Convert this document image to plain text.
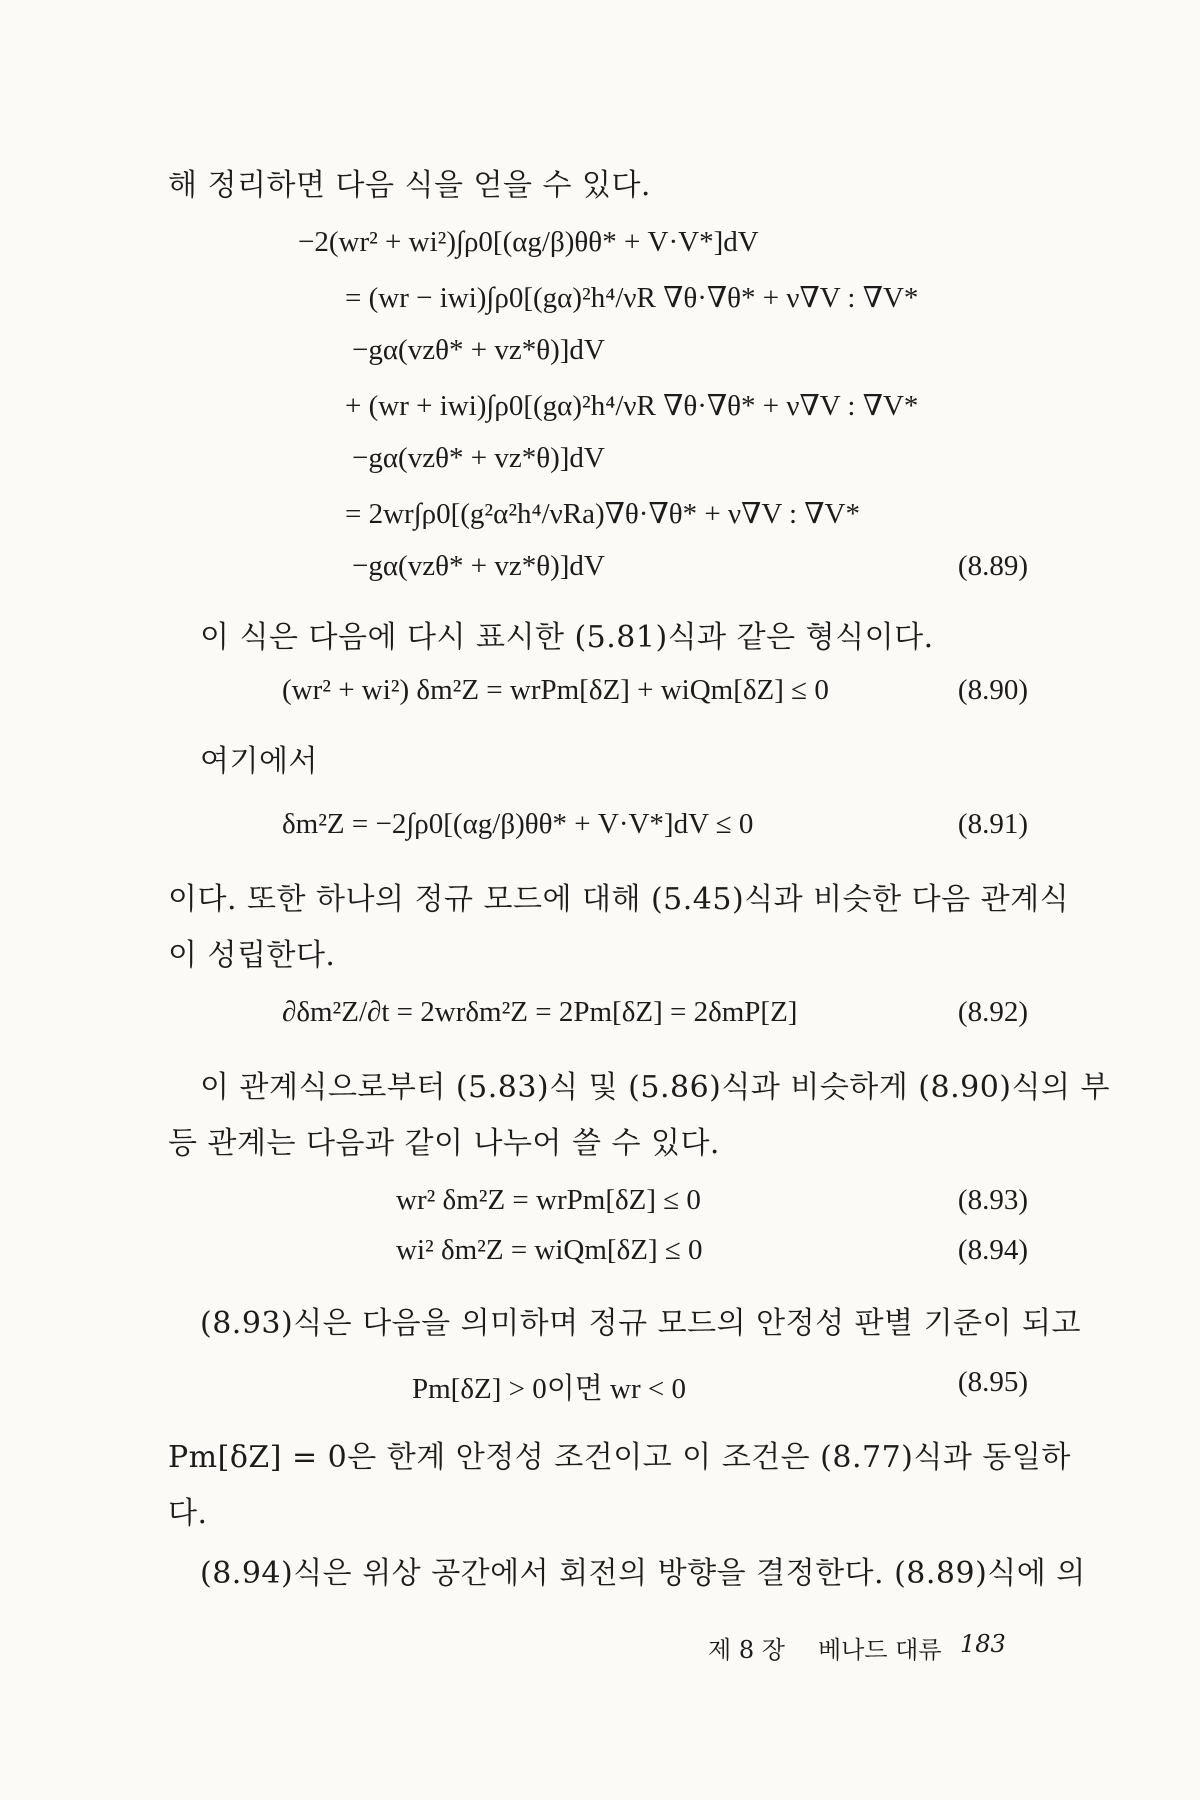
해 정리하면 다음 식을 얻을 수 있다.
−2(wr² + wi²)∫ρ0[(αg/β)θθ* + V·V*]dV
= (wr − iwi)∫ρ0[(gα)²h⁴/νR ∇θ·∇θ* + ν∇V : ∇V*
−gα(vzθ* + vz*θ)]dV
+ (wr + iwi)∫ρ0[(gα)²h⁴/νR ∇θ·∇θ* + ν∇V : ∇V*
−gα(vzθ* + vz*θ)]dV
= 2wr∫ρ0[(g²α²h⁴/νRa)∇θ·∇θ* + ν∇V : ∇V*
−gα(vzθ* + vz*θ)]dV	(8.89)
이 식은 다음에 다시 표시한 (5.81)식과 같은 형식이다.
(wr² + wi²) δm²Z = wrPm[δZ] + wiQm[δZ] ≤ 0	(8.90)
여기에서
δm²Z = −2∫ρ0[(αg/β)θθ* + V·V*]dV ≤ 0	(8.91)
이다. 또한 하나의 정규 모드에 대해 (5.45)식과 비슷한 다음 관계식
이 성립한다.
∂δm²Z/∂t = 2wrδm²Z = 2Pm[δZ] = 2δmP[Z]	(8.92)
이 관계식으로부터 (5.83)식 및 (5.86)식과 비슷하게 (8.90)식의 부
등 관계는 다음과 같이 나누어 쓸 수 있다.
wr² δm²Z = wrPm[δZ] ≤ 0	(8.93)
wi² δm²Z = wiQm[δZ] ≤ 0	(8.94)
(8.93)식은 다음을 의미하며 정규 모드의 안정성 판별 기준이 되고
Pm[δZ] > 0이면 wr < 0	(8.95)
Pm[δZ] = 0은 한계 안정성 조건이고 이 조건은 (8.77)식과 동일하
다.
(8.94)식은 위상 공간에서 회전의 방향을 결정한다. (8.89)식에 의
제 8 장 베나드 대류 183
